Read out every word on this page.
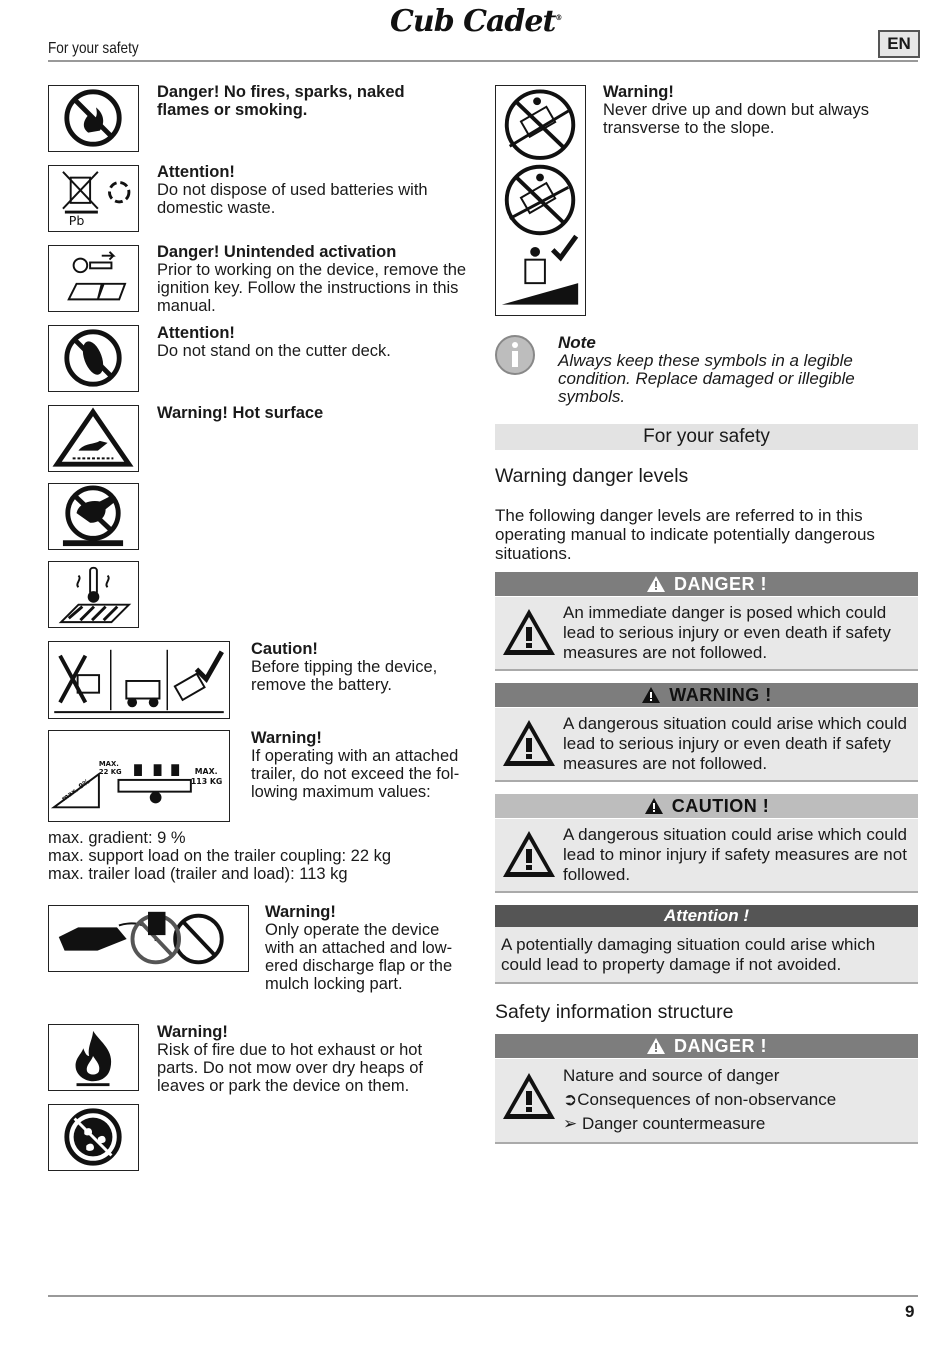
Cub Cadet®
For your safety	EN
Danger! No fires, sparks, naked flames or smoking.
Pb
Attention!
Do not dispose of used batteries with domestic waste.
Danger! Unintended activation
Prior to working on the device, remove the ignition key. Follow the instructions in this manual.
Attention!
Do not stand on the cutter deck.
Warning! Hot surface
Caution!
Before tipping the device, remove the battery.
max. 9%
MAX.
22 KG	MAX.
113 KG
Warning!
If operating with an attached trailer, do not exceed the fol-lowing maximum values:
max. gradient: 9 %
max. support load on the trailer coupling: 22 kg
max. trailer load (trailer and load): 113 kg
Warning!
Only operate the device with an attached and low-ered discharge flap or the mulch locking part.
Warning!
Risk of fire due to hot exhaust or hot parts. Do not mow over dry heaps of leaves or park the device on them.
Warning!
Never drive up and down but always transverse to the slope.
Note
Always keep these symbols in a legible condition. Replace damaged or illegible symbols.
For your safety
Warning danger levels
The following danger levels are referred to in this operating manual to indicate potentially dangerous situations.
DANGER !
An immediate danger is posed which could lead to serious injury or even death if safety measures are not followed.
WARNING !
A dangerous situation could arise which could lead to serious injury or even death if safety measures are not followed.
CAUTION !
A dangerous situation could arise which could lead to minor injury if safety measures are not followed.
Attention !
A potentially damaging situation could arise which could lead to property damage if not avoided.
Safety information structure
DANGER !
Nature and source of danger
➲Consequences of non-observance
➢ Danger countermeasure
9
